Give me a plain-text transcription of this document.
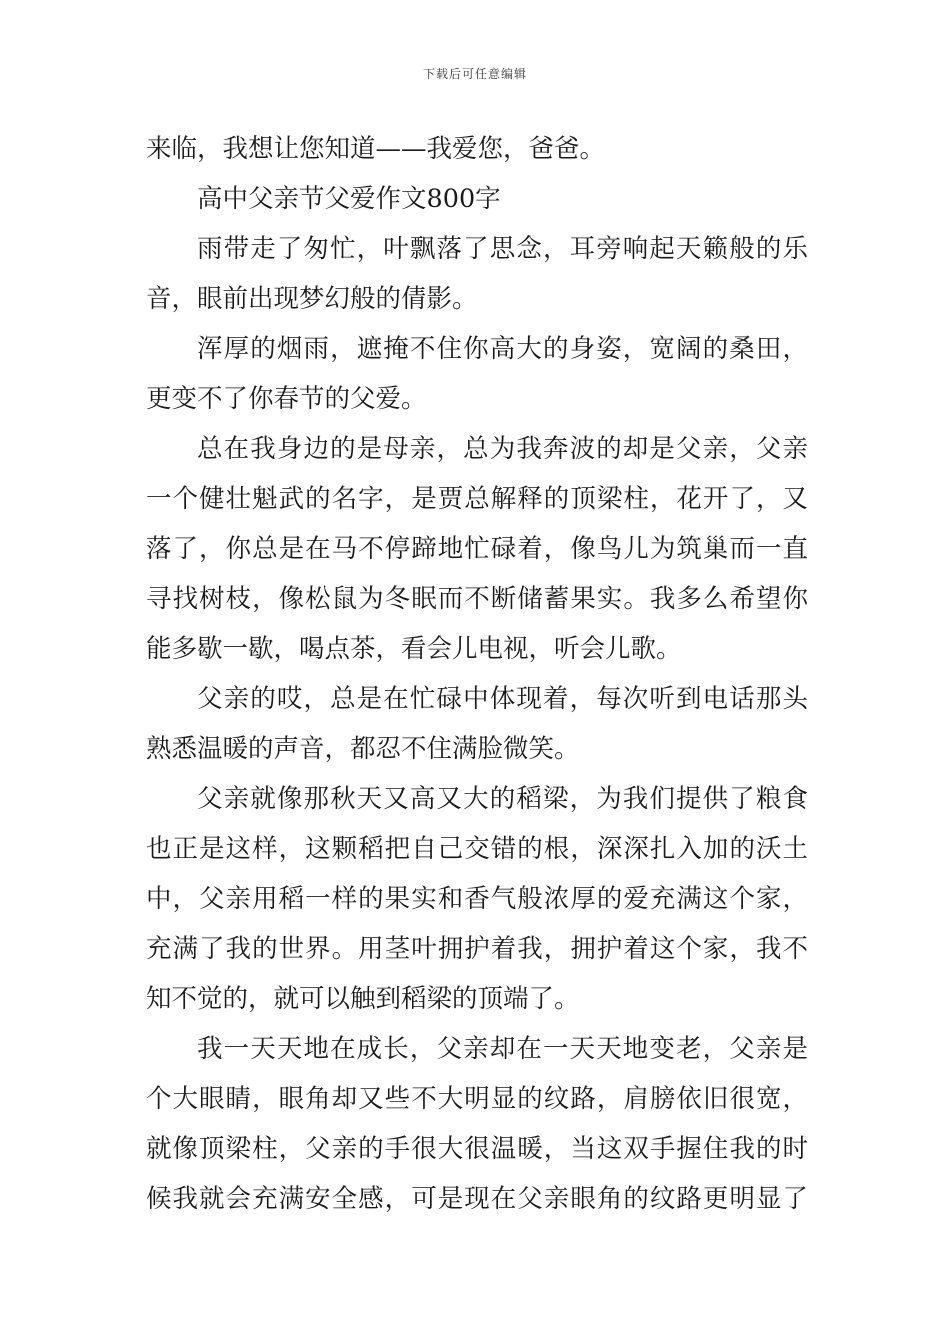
下载后可任意编辑
来临，我想让您知道——我爱您，爸爸。
高中父亲节父爱作文800字
雨带走了匆忙，叶飘落了思念，耳旁响起天籁般的乐
音，眼前出现梦幻般的倩影。
浑厚的烟雨，遮掩不住你高大的身姿，宽阔的桑田，
更变不了你春节的父爱。
总在我身边的是母亲，总为我奔波的却是父亲，父亲
一个健壮魁武的名字，是贾总解释的顶梁柱，花开了，又
落了，你总是在马不停蹄地忙碌着，像鸟儿为筑巢而一直
寻找树枝，像松鼠为冬眠而不断储蓄果实。我多么希望你
能多歇一歇，喝点茶，看会儿电视，听会儿歌。
父亲的哎，总是在忙碌中体现着，每次听到电话那头
熟悉温暖的声音，都忍不住满脸微笑。
父亲就像那秋天又高又大的稻梁，为我们提供了粮食
也正是这样，这颗稻把自己交错的根，深深扎入加的沃土
中，父亲用稻一样的果实和香气般浓厚的爱充满这个家，
充满了我的世界。用茎叶拥护着我，拥护着这个家，我不
知不觉的，就可以触到稻梁的顶端了。
我一天天地在成长，父亲却在一天天地变老，父亲是
个大眼睛，眼角却又些不大明显的纹路，肩膀依旧很宽，
就像顶梁柱，父亲的手很大很温暖，当这双手握住我的时
候我就会充满安全感，可是现在父亲眼角的纹路更明显了
